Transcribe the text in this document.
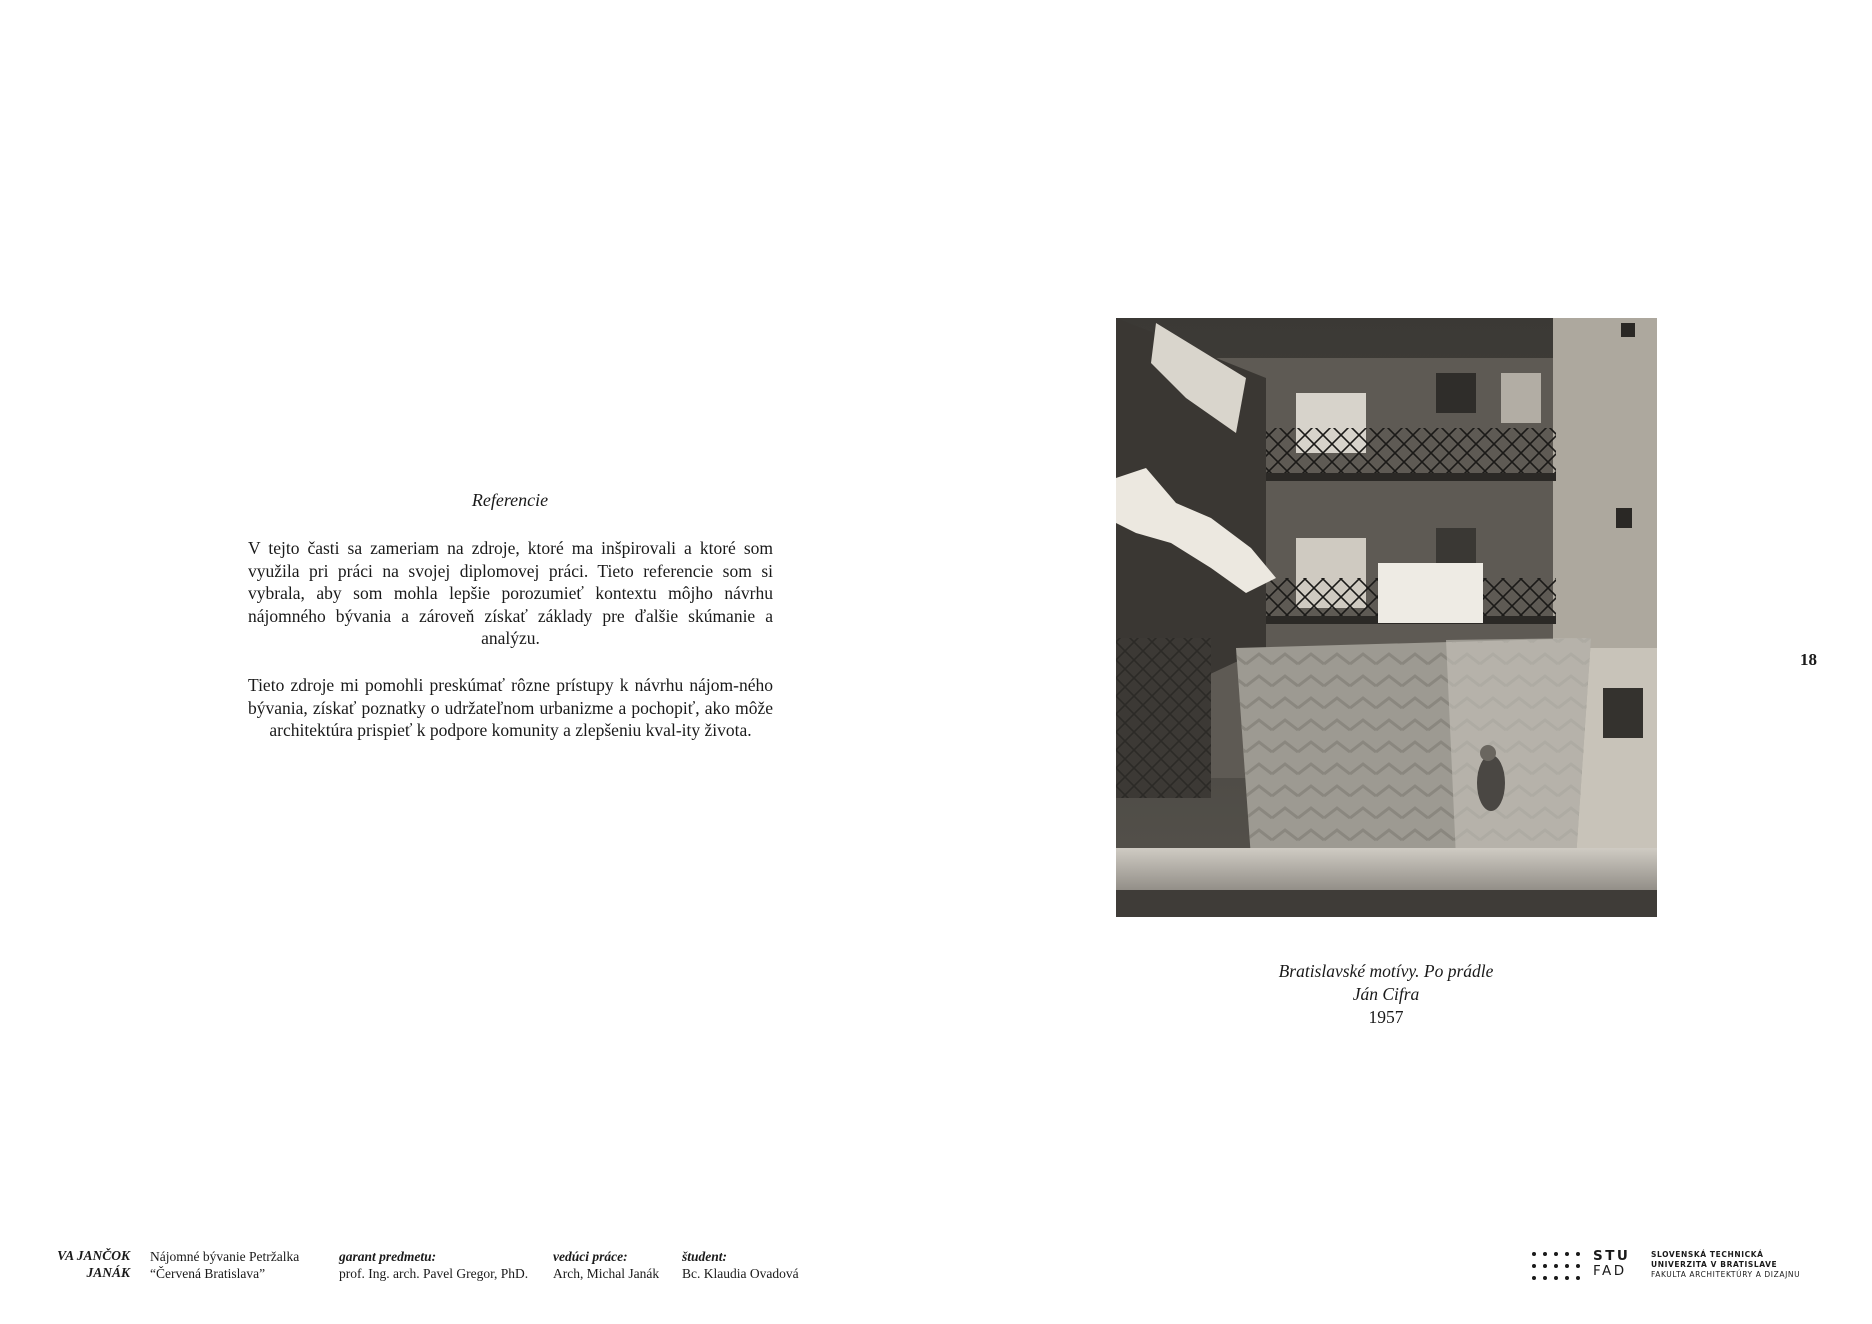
Referencie
V tejto časti sa zameriam na zdroje, ktoré ma inšpirovali a ktoré som využila pri práci na svojej diplomovej práci. Tieto referencie som si vybrala, aby som mohla lepšie porozumieť kontextu môjho návrhu nájomného bývania a zároveň získať základy pre ďalšie skúmanie a analýzu.
Tieto zdroje mi pomohli preskúmať rôzne prístupy k návrhu nájom-ného bývania, získať poznatky o udržateľnom urbanizme a pochopiť, ako môže architektúra prispieť k podpore komunity a zlepšeniu kval-ity života.
Bratislavské motívy. Po prádle
Ján Cifra
1957
18
VA JANČOK
JANÁK
Nájomné bývanie Petržalka
“Červená Bratislava”
garant predmetu:
prof. Ing. arch. Pavel Gregor, PhD.
vedúci práce:
Arch, Michal Janák
študent:
Bc. Klaudia Ovadová
STU
FAD
SLOVENSKÁ TECHNICKÁ
UNIVERZITA V BRATISLAVE
FAKULTA ARCHITEKTÚRY A DIZAJNU
